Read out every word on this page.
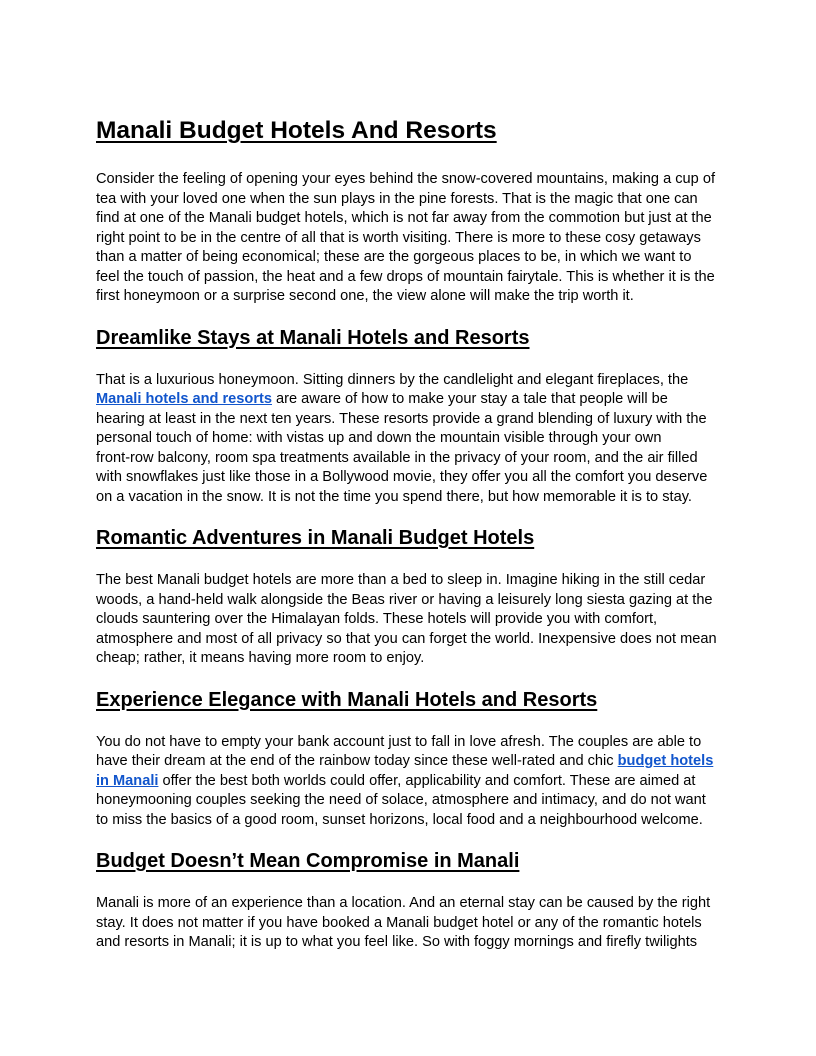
Manali Budget Hotels And Resorts

Consider the feeling of opening your eyes behind the snow-covered mountains, making a cup of
tea with your loved one when the sun plays in the pine forests. That is the magic that one can
find at one of the Manali budget hotels, which is not far away from the commotion but just at the
right point to be in the centre of all that is worth visiting. There is more to these cosy getaways
than a matter of being economical; these are the gorgeous places to be, in which we want to
feel the touch of passion, the heat and a few drops of mountain fairytale. This is whether it is the
first honeymoon or a surprise second one, the view alone will make the trip worth it.

Dreamlike Stays at Manali Hotels and Resorts

That is a luxurious honeymoon. Sitting dinners by the candlelight and elegant fireplaces, the
Manali hotels and resorts are aware of how to make your stay a tale that people will be
hearing at least in the next ten years. These resorts provide a grand blending of luxury with the
personal touch of home: with vistas up and down the mountain visible through your own
front-row balcony, room spa treatments available in the privacy of your room, and the air filled
with snowflakes just like those in a Bollywood movie, they offer you all the comfort you deserve
on a vacation in the snow. It is not the time you spend there, but how memorable it is to stay.

Romantic Adventures in Manali Budget Hotels

The best Manali budget hotels are more than a bed to sleep in. Imagine hiking in the still cedar
woods, a hand-held walk alongside the Beas river or having a leisurely long siesta gazing at the
clouds sauntering over the Himalayan folds. These hotels will provide you with comfort,
atmosphere and most of all privacy so that you can forget the world. Inexpensive does not mean
cheap; rather, it means having more room to enjoy.

Experience Elegance with Manali Hotels and Resorts

You do not have to empty your bank account just to fall in love afresh. The couples are able to
have their dream at the end of the rainbow today since these well-rated and chic budget hotels
in Manali offer the best both worlds could offer, applicability and comfort. These are aimed at
honeymooning couples seeking the need of solace, atmosphere and intimacy, and do not want
to miss the basics of a good room, sunset horizons, local food and a neighbourhood welcome.

Budget Doesn’t Mean Compromise in Manali

Manali is more of an experience than a location. And an eternal stay can be caused by the right
stay. It does not matter if you have booked a Manali budget hotel or any of the romantic hotels
and resorts in Manali; it is up to what you feel like. So with foggy mornings and firefly twilights
